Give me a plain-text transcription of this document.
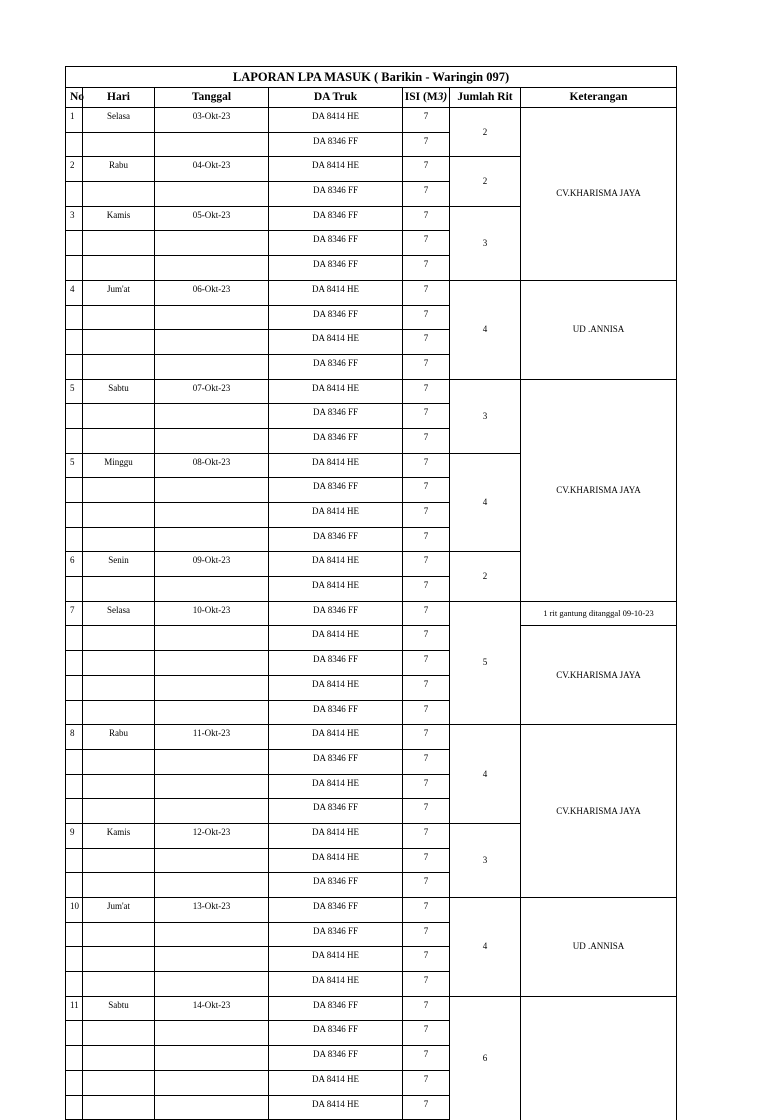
LAPORAN LPA MASUK ( Barikin - Waringin 097)						
No	Hari	Tanggal	DA Truk	ISI (M3)	Jumlah Rit	Keterangan
1	Selasa	03-Okt-23	DA 8414 HE	7	2	CV.KHARISMA JAYA
			DA 8346 FF	7		
2	Rabu	04-Okt-23	DA 8414 HE	7	2	
			DA 8346 FF	7		
3	Kamis	05-Okt-23	DA 8346 FF	7	3	
			DA 8346 FF	7		
			DA 8346 FF	7		
4	Jum'at	06-Okt-23	DA 8414 HE	7	4	UD .ANNISA
			DA 8346 FF	7		
			DA 8414 HE	7		
			DA 8346 FF	7		
5	Sabtu	07-Okt-23	DA 8414 HE	7	3	CV.KHARISMA JAYA
			DA 8346 FF	7		
			DA 8346 FF	7		
5	Minggu	08-Okt-23	DA 8414 HE	7	4	
			DA 8346 FF	7		
			DA 8414 HE	7		
			DA 8346 FF	7		
6	Senin	09-Okt-23	DA 8414 HE	7	2	
			DA 8414 HE	7		
7	Selasa	10-Okt-23	DA 8346 FF	7	5	1 rit gantung ditanggal 09-10-23
			DA 8414 HE	7		CV.KHARISMA JAYA
			DA 8346 FF	7		
			DA 8414 HE	7		
			DA 8346 FF	7		
8	Rabu	11-Okt-23	DA 8414 HE	7	4	CV.KHARISMA JAYA
			DA 8346 FF	7		
			DA 8414 HE	7		
			DA 8346 FF	7		
9	Kamis	12-Okt-23	DA 8414 HE	7	3	
			DA 8414 HE	7		
			DA 8346 FF	7		
10	Jum'at	13-Okt-23	DA 8346 FF	7	4	UD .ANNISA
			DA 8346 FF	7		
			DA 8414 HE	7		
			DA 8414 HE	7		
11	Sabtu	14-Okt-23	DA 8346 FF	7	6	
			DA 8346 FF	7		
			DA 8346 FF	7		
			DA 8414 HE	7		
			DA 8414 HE	7		
